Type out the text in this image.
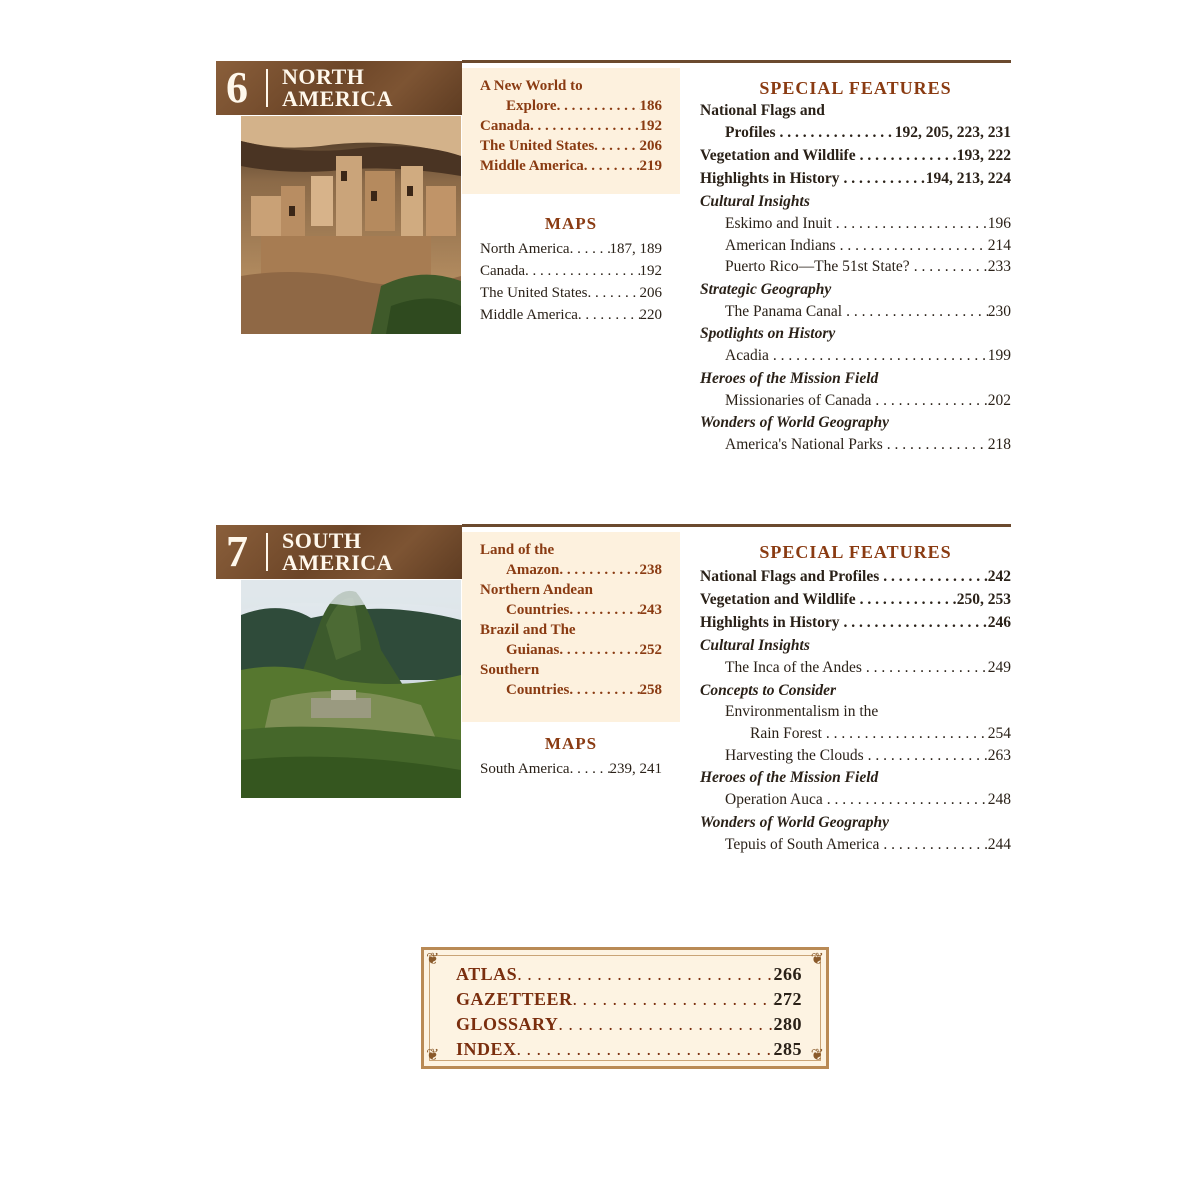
6 NORTH
AMERICA	A New World to
Explore . . .	186
Canada . . .	192
The United States . . .	206
Middle America . . .	219
MAPS
North America . . .	187, 189
Canada . . .	192
The United States . . .	206
Middle America . . .	220
SPECIAL FEATURES
National Flags and
Profiles . . .	192, 205, 223, 231
Vegetation and Wildlife . . .	193, 222
Highlights in History . . .	194, 213, 224
Cultural Insights
Eskimo and Inuit . . .	196
American Indians . . .	214
Puerto Rico—The 51st State? . . .	233
Strategic Geography
The Panama Canal . . .	230
Spotlights on History
Acadia . . .	199
Heroes of the Mission Field
Missionaries of Canada . . .	202
Wonders of World Geography
America's National Parks . . .	218
7 SOUTH
AMERICA	Land of the
Amazon . . .	238
Northern Andean
Countries . . .	243
Brazil and The
Guianas . . .	252
Southern
Countries . . .	258
MAPS
South America . . .	239, 241
SPECIAL FEATURES
National Flags and Profiles . . .	242
Vegetation and Wildlife . . .	250, 253
Highlights in History . . .	246
Cultural Insights
The Inca of the Andes . . .	249
Concepts to Consider
Environmentalism in the
Rain Forest . . .	254
Harvesting the Clouds . . .	263
Heroes of the Mission Field
Operation Auca . . .	248
Wonders of World Geography
Tepuis of South America . . .	244
❦	❦
❦	❦
ATLAS . . .	266
GAZETTEER . . .	272
GLOSSARY . . .	280
INDEX . . .	285
